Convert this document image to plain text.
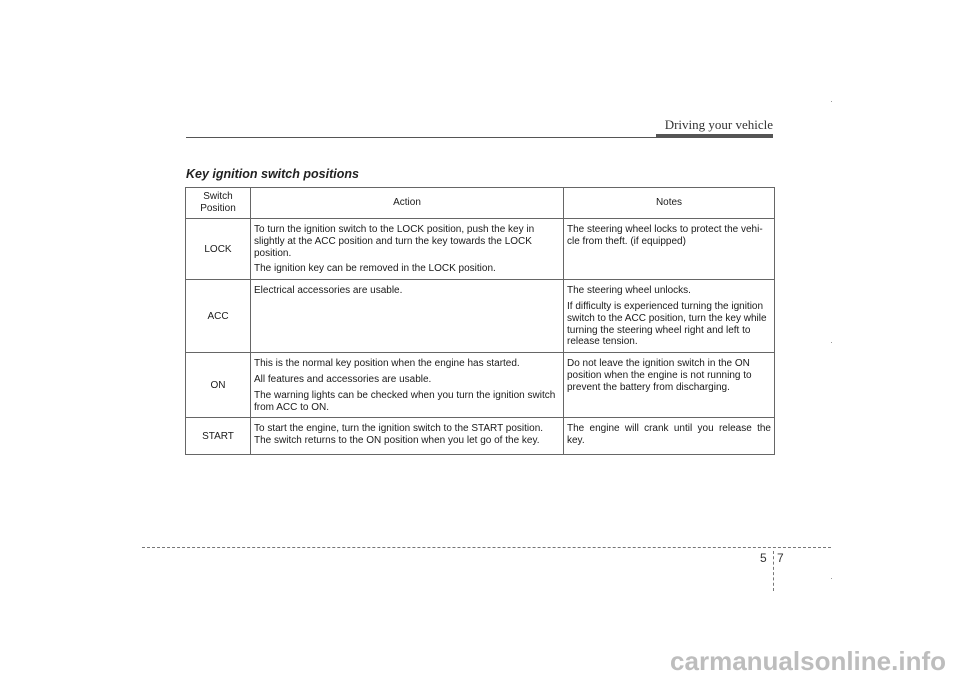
Driving your vehicle
Key ignition switch positions
Switch Position	Action	Notes
LOCK	To turn the ignition switch to the LOCK position, push the key in slightly at the ACC position and turn the key towards the LOCK position.

The ignition key can be removed in the LOCK position.	The steering wheel locks to protect the vehi-cle from theft. (if equipped)

ACC	Electrical accessories are usable.	The steering wheel unlocks.

If difficulty is experienced turning the ignition switch to the ACC position, turn the key while turning the steering wheel right and left to release tension.

ON	This is the normal key position when the engine has started.

All features and accessories are usable.

The warning lights can be checked when you turn the ignition switch from ACC to ON.	Do not leave the ignition switch in the ON position when the engine is not running to prevent the battery from discharging.

START	To start the engine, turn the ignition switch to the START position. The switch returns to the ON position when you let go of the key.	The engine will crank until you release the key.

5 7
carmanualsonline.info
